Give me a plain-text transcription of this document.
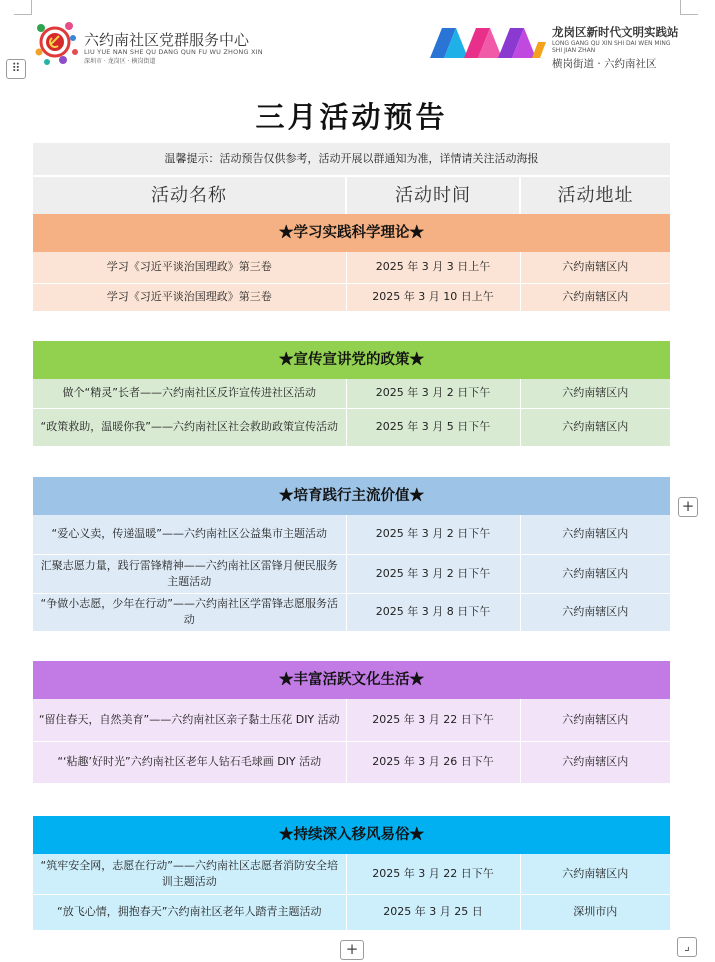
六约南社区党群服务中心
LIU YUE NAN SHE QU DANG QUN FU WU ZHONG XIN
深圳市 · 龙岗区 · 横岗街道
龙岗区新时代文明实践站
LONG GANG QU XIN SHI DAI WEN MING
SHI JIAN ZHAN
横岗街道 · 六约南社区
⠿
+
+	⌟
三月活动预告
温馨提示：活动预告仅供参考，活动开展以群通知为准，详情请关注活动海报		
活动名称	活动时间	活动地址
★学习实践科学理论★		
学习《习近平谈治国理政》第三卷	2025 年 3 月 3 日上午	六约南辖区内
学习《习近平谈治国理政》第三卷	2025 年 3 月 10 日上午	六约南辖区内

★宣传宣讲党的政策★		
做个“精灵”长者——六约南社区反诈宣传进社区活动	2025 年 3 月 2 日下午	六约南辖区内
“政策救助，温暖你我”——六约南社区社会救助政策宣传活动	2025 年 3 月 5 日下午	六约南辖区内

★培育践行主流价值★		
“爱心义卖，传递温暖”——六约南社区公益集市主题活动	2025 年 3 月 2 日下午	六约南辖区内
汇聚志愿力量，践行雷锋精神——六约南社区雷锋月便民服务主题活动	2025 年 3 月 2 日下午	六约南辖区内
“争做小志愿，少年在行动”——六约南社区学雷锋志愿服务活动	2025 年 3 月 8 日下午	六约南辖区内

★丰富活跃文化生活★		
“留住春天，自然美育”——六约南社区亲子黏土压花 DIY 活动	2025 年 3 月 22 日下午	六约南辖区内
“‘粘趣’好时光”六约南社区老年人钻石毛球画 DIY 活动	2025 年 3 月 26 日下午	六约南辖区内

★持续深入移风易俗★		
“筑牢安全网，志愿在行动”——六约南社区志愿者消防安全培训主题活动	2025 年 3 月 22 日下午	六约南辖区内
“放飞心情，拥抱春天”六约南社区老年人踏青主题活动	2025 年 3 月 25 日	深圳市内
